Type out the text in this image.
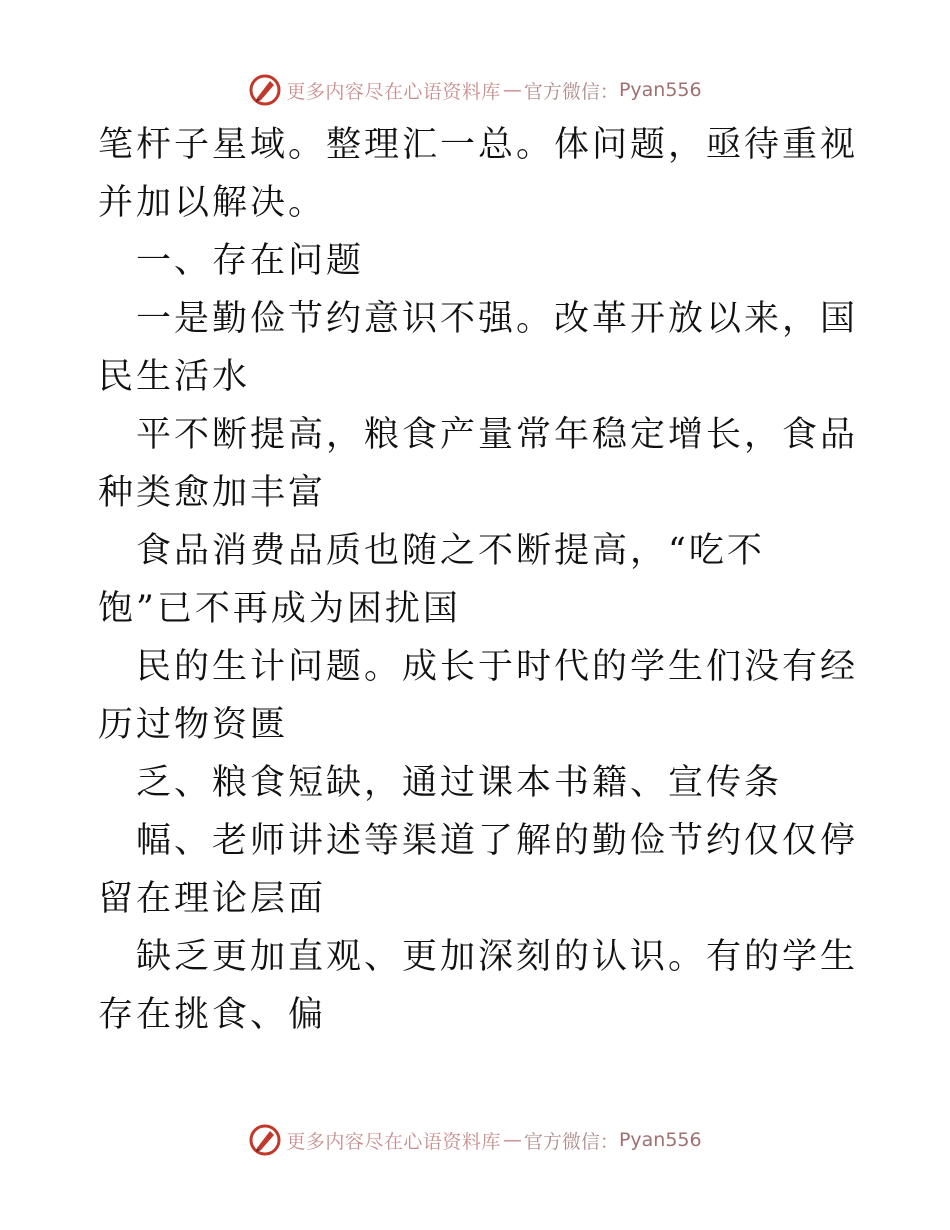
更多内容尽在心语资料库 — 官方微信： Pyan556

笔杆子星域。整理汇一总。体问题，亟待重视并加以解决。

一、存在问题

一是勤俭节约意识不强。改革开放以来，国民生活水

平不断提高，粮食产量常年稳定增长，食品种类愈加丰富

食品消费品质也随之不断提高，“吃不饱”已不再成为困扰国

民的生计问题。成长于时代的学生们没有经历过物资匮

乏、粮食短缺，通过课本书籍、宣传条

幅、老师讲述等渠道了解的勤俭节约仅仅停留在理论层面

缺乏更加直观、更加深刻的认识。有的学生存在挑食、偏

更多内容尽在心语资料库 — 官方微信： Pyan556
